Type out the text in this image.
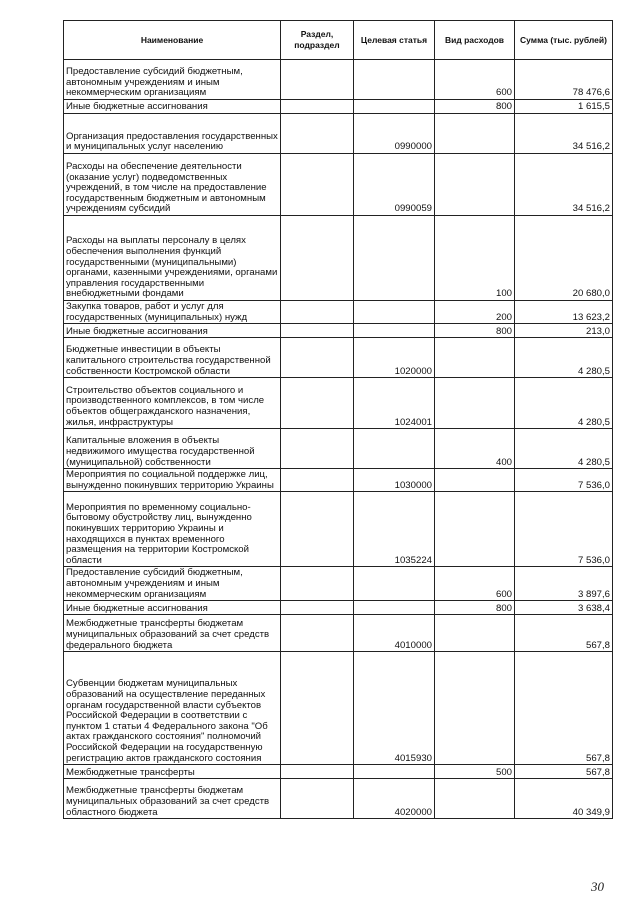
Наименование	Раздел, подраздел	Целевая статья	Вид расходов	Сумма (тыс. рублей)
Предоставление субсидий бюджетным, автономным учреждениям и иным некоммерческим организациям			600	78 476,6
Иные бюджетные ассигнования			800	1 615,5
Организация предоставления государственных и муниципальных услуг населению		0990000		34 516,2
Расходы на обеспечение деятельности (оказание услуг) подведомственных учреждений, в том числе на предоставление государственным бюджетным и автономным учреждениям субсидий		0990059		34 516,2
Расходы на выплаты персоналу в целях обеспечения выполнения функций государственными (муниципальными) органами, казенными учреждениями, органами управления государственными внебюджетными фондами			100	20 680,0
Закупка товаров, работ и услуг для государственных (муниципальных) нужд			200	13 623,2
Иные бюджетные ассигнования			800	213,0
Бюджетные инвестиции в объекты капитального строительства государственной собственности Костромской области		1020000		4 280,5
Строительство объектов социального и производственного комплексов, в том числе объектов общегражданского назначения, жилья, инфраструктуры		1024001		4 280,5
Капитальные вложения в объекты недвижимого имущества государственной (муниципальной) собственности			400	4 280,5
Мероприятия по социальной поддержке лиц, вынужденно покинувших территорию Украины		1030000		7 536,0
Мероприятия по временному социально-бытовому обустройству лиц, вынужденно покинувших территорию Украины и находящихся в пунктах временного размещения на территории Костромской области		1035224		7 536,0
Предоставление субсидий бюджетным, автономным учреждениям и иным некоммерческим организациям			600	3 897,6
Иные бюджетные ассигнования			800	3 638,4
Межбюджетные трансферты бюджетам муниципальных образований за счет средств федерального бюджета		4010000		567,8
Субвенции бюджетам муниципальных образований на осуществление переданных органам государственной власти субъектов Российской Федерации в соответствии с пунктом 1 статьи 4 Федерального закона "Об актах гражданского состояния" полномочий Российской Федерации на государственную регистрацию актов гражданского состояния		4015930		567,8
Межбюджетные трансферты			500	567,8
Межбюджетные трансферты бюджетам муниципальных образований за счет средств областного бюджета		4020000		40 349,9
30
